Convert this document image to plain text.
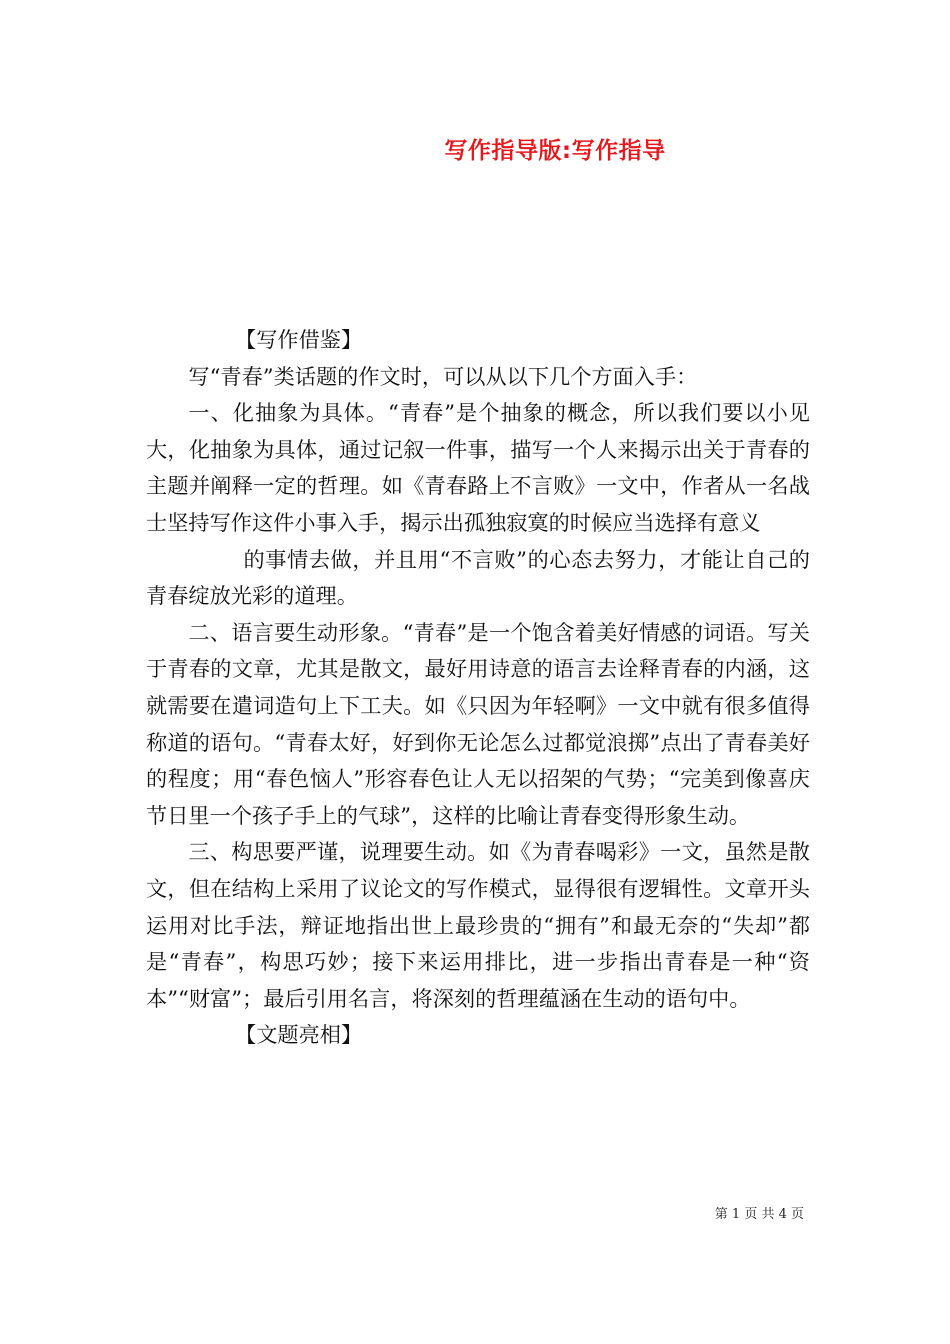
写作指导版:写作指导

【写作借鉴】

写“青春”类话题的作文时，可以从以下几个方面入手：

一、化抽象为具体。“青春”是个抽象的概念，所以我们要以小见大，化抽象为具体，通过记叙一件事，描写一个人来揭示出关于青春的主题并阐释一定的哲理。如《青春路上不言败》一文中，作者从一名战士坚持写作这件小事入手，揭示出孤独寂寞的时候应当选择有意义

的事情去做，并且用“不言败”的心态去努力，才能让自己的青春绽放光彩的道理。

二、语言要生动形象。“青春”是一个饱含着美好情感的词语。写关于青春的文章，尤其是散文，最好用诗意的语言去诠释青春的内涵，这就需要在遣词造句上下工夫。如《只因为年轻啊》一文中就有很多值得称道的语句。“青春太好，好到你无论怎么过都觉浪掷”点出了青春美好的程度；用“春色恼人”形容春色让人无以招架的气势；“完美到像喜庆节日里一个孩子手上的气球”，这样的比喻让青春变得形象生动。

三、构思要严谨，说理要生动。如《为青春喝彩》一文，虽然是散文，但在结构上采用了议论文的写作模式，显得很有逻辑性。文章开头运用对比手法，辩证地指出世上最珍贵的“拥有”和最无奈的“失却”都是“青春”，构思巧妙；接下来运用排比，进一步指出青春是一种“资本”“财富”；最后引用名言，将深刻的哲理蕴涵在生动的语句中。

【文题亮相】

第 1 页 共 4 页
